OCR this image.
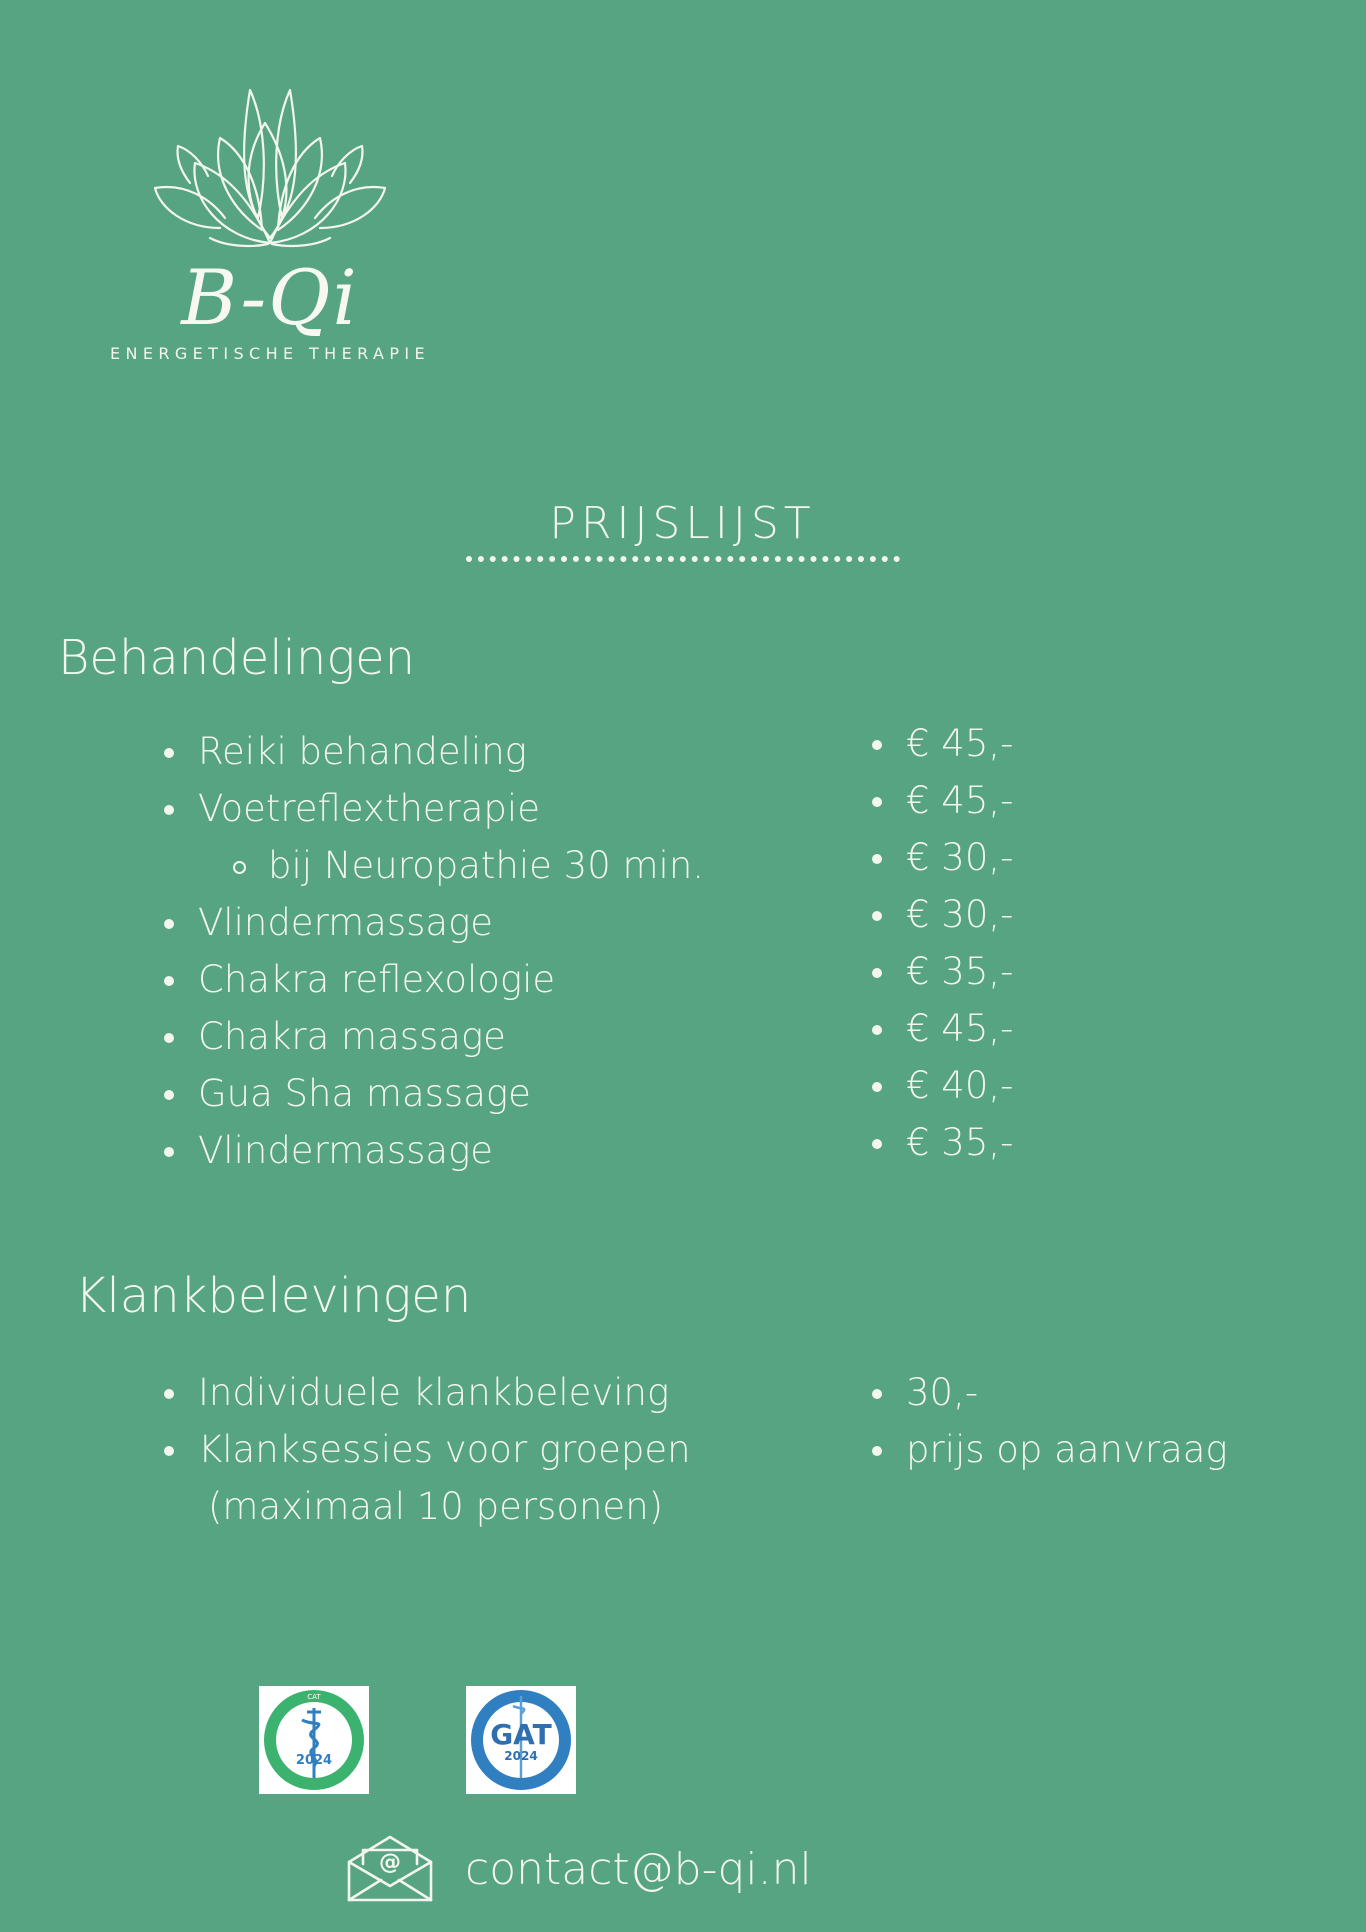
B-Qi
ENERGETISCHE THERAPIE
PRIJSLIJST
Behandelingen
Reiki behandeling
Voetreflextherapie
bij Neuropathie 30 min.
Vlindermassage
Chakra reflexologie
Chakra massage
Gua Sha massage
Vlindermassage
€ 45,-
€ 45,-
€ 30,-
€ 30,-
€ 35,-
€ 45,-
€ 40,-
€ 35,-
Klankbelevingen
Individuele klankbeleving
Klanksessies voor groepen
(maximaal 10 personen)
30,-
prijs op aanvraag
CAT
COLLECTIEF ALTERNATIEVE THERAPEUTEN
2024
GESCHILLEN ALTERNATIEVE THERAPEUTEN
GAT
2024
@ contact@b-qi.nl
